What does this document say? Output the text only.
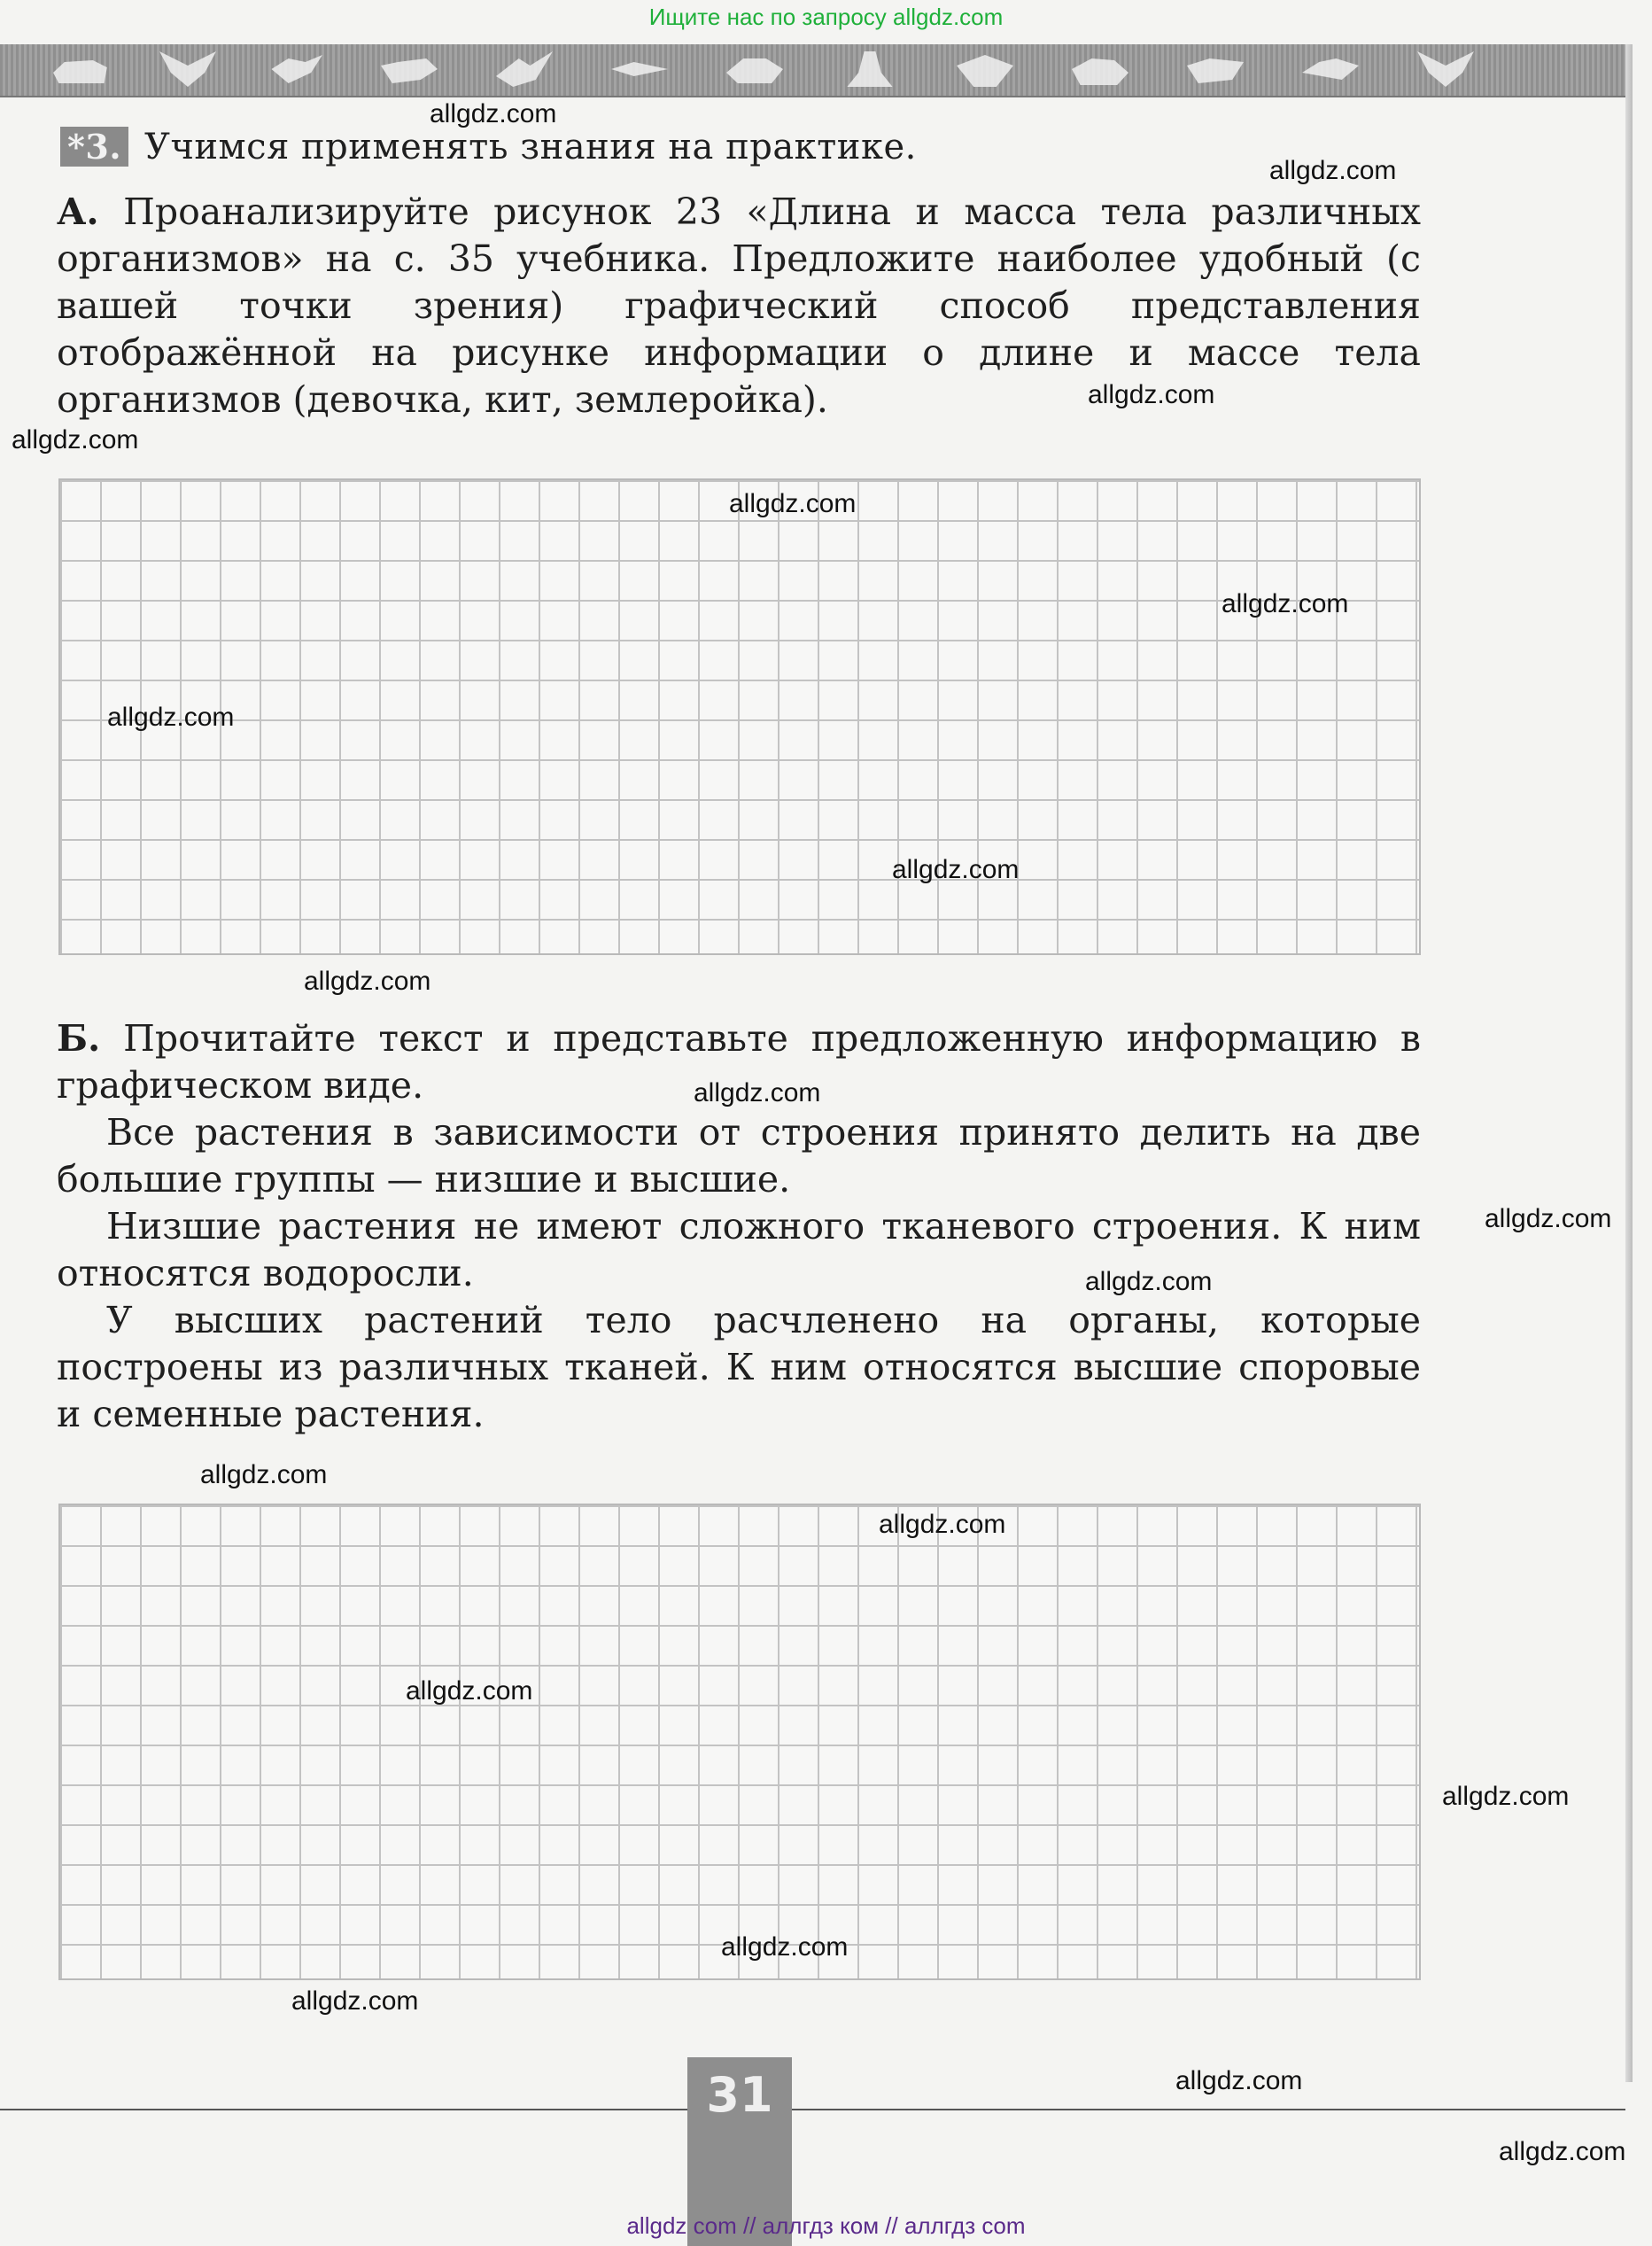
Ищите нас по запросу allgdz.com
*3. Учимся применять знания на практике.

А. Проанализируйте рисунок 23 «Длина и масса тела различных организмов» на с. 35 учебника. Предложите наиболее удобный (с вашей точки зрения) графический способ представления отображённой на рисунке информации о длине и массе тела организмов (девочка, кит, землеройка).

Б. Прочитайте текст и представьте предложенную информацию в графическом виде.

Все растения в зависимости от строения принято делить на две большие группы — низшие и высшие.

Низшие растения не имеют сложного тканевого строения. К ним относятся водоросли.

У высших растений тело расчленено на органы, которые построены из различных тканей. К ним относятся высшие споровые и семенные растения.

31
allgdz.com
allgdz.com
allgdz.com
allgdz.com
allgdz.com
allgdz.com
allgdz.com
allgdz.com
allgdz.com
allgdz.com
allgdz.com
allgdz.com
allgdz.com
allgdz.com
allgdz.com
allgdz.com
allgdz.com
allgdz.com
allgdz.com
allgdz.com
allgdz com // аллгдз ком // аллгдз com
